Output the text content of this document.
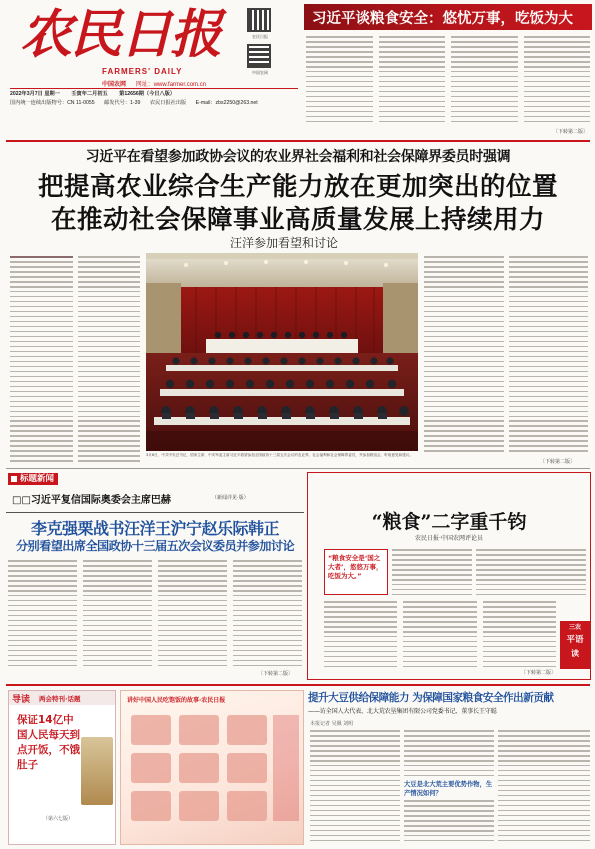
农民日报
FARMERS' DAILY
中国农网 网址：www.farmer.com.cn
农民日报
中国农网
2022年3月7日 星期一 壬寅年二月初五 第12656期（今日八版）
国内统一连续出版物号：CN 11-0055 邮发代号：1-39 农民日报社出版 E-mail：zbs2250@263.net
习近平谈粮食安全：悠忧万事，吃饭为大
〔下转第二版〕
习近平在看望参加政协会议的农业界社会福利和社会保障界委员时强调
把提高农业综合生产能力放在更加突出的位置
在推动社会保障事业高质量发展上持续用力
汪洋参加看望和讨论
3月6日，中共中央总书记、国家主席、中央军委主席习近平看望参加全国政协十三届五次会议的农业界、社会福利和社会保障界委员，并参加联组会，听取意见和建议。
〔下转第二版〕
标题新闻
□□习近平复信国际奥委会主席巴赫	（新闻详见·版）
李克强栗战书汪洋王沪宁赵乐际韩正
分别看望出席全国政协十三届五次会议委员并参加讨论
〔下转第二版〕
“粮食”二字重千钧
农民日报·中国农网评论员
“粮食安全是‘国之大者’，悠悠万事，吃饭为大。”
三农
平语
读
〔下转第二版〕
导读 两会特刊·话题
保证14亿中国人民每天到点开饭，不饿肚子
（第六七版）
讲好中国人民吃饱饭的故事·农民日报	提升大豆供给保障能力 为保障国家粮食安全作出新贡献
——访全国人大代表、北大荒农垦集团有限公司党委书记、董事长王守聪
本报记者 吴佩 刘明
大豆是北大荒主要优势作物，生产情况如何？
